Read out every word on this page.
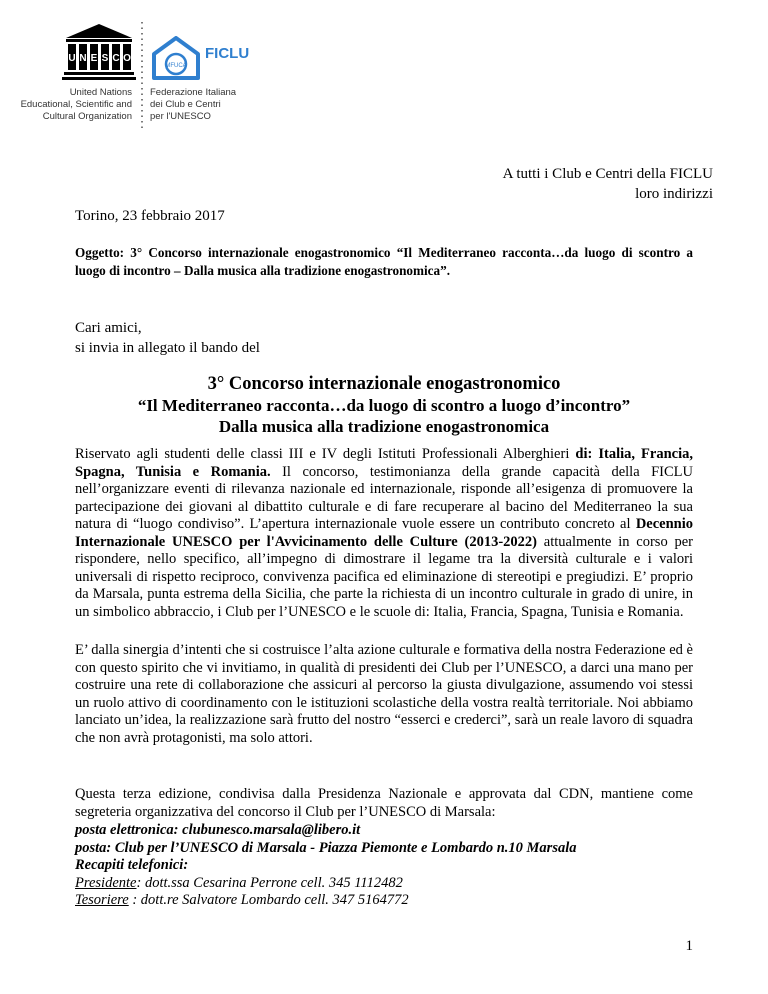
U N E S C O
United Nations
Educational, Scientific and
Cultural Organization
MFUCA
FICLU
Federazione Italiana
dei Club e Centri
per l'UNESCO
A tutti i Club e Centri della FICLU
loro indirizzi
Torino, 23 febbraio 2017
Oggetto: 3° Concorso internazionale enogastronomico “Il Mediterraneo racconta…da luogo di scontro a luogo di incontro – Dalla musica alla tradizione enogastronomica”.
Cari amici,
si invia in allegato il bando del
3° Concorso internazionale enogastronomico
“Il Mediterraneo racconta…da luogo di scontro a luogo d’incontro”
Dalla musica alla tradizione enogastronomica

Riservato agli studenti delle classi III e IV degli Istituti Professionali Alberghieri di: Italia, Francia, Spagna, Tunisia e Romania. Il concorso, testimonianza della grande capacità della FICLU nell’organizzare eventi di rilevanza nazionale ed internazionale, risponde all’esigenza di promuovere la partecipazione dei giovani al dibattito culturale e di fare recuperare al bacino del Mediterraneo la sua natura di “luogo condiviso”. L’apertura internazionale vuole essere un contributo concreto al Decennio Internazionale UNESCO per l'Avvicinamento delle Culture (2013-2022) attualmente in corso per rispondere, nello specifico, all’impegno di dimostrare il legame tra la diversità culturale e i valori universali di rispetto reciproco, convivenza pacifica ed eliminazione di stereotipi e pregiudizi. E’ proprio da Marsala, punta estrema della Sicilia, che parte la richiesta di un incontro culturale in grado di unire, in un simbolico abbraccio, i Club per l’UNESCO e le scuole di: Italia, Francia, Spagna, Tunisia e Romania.

E’ dalla sinergia d’intenti che si costruisce l’alta azione culturale e formativa della nostra Federazione ed è con questo spirito che vi invitiamo, in qualità di presidenti dei Club per l’UNESCO, a darci una mano per costruire una rete di collaborazione che assicuri al percorso la giusta divulgazione, assumendo voi stessi un ruolo attivo di coordinamento con le istituzioni scolastiche della vostra realtà territoriale. Noi abbiamo lanciato un’idea, la realizzazione sarà frutto del nostro “esserci e crederci”, sarà un reale lavoro di squadra che non avrà protagonisti, ma solo attori.

Questa terza edizione, condivisa dalla Presidenza Nazionale e approvata dal CDN, mantiene come segreteria organizzativa del concorso il Club per l’UNESCO di Marsala:

posta elettronica: clubunesco.marsala@libero.it
posta: Club per l’UNESCO di Marsala - Piazza Piemonte e Lombardo n.10 Marsala
Recapiti telefonici:
Presidente: dott.ssa Cesarina Perrone cell. 345 1112482
Tesoriere : dott.re Salvatore Lombardo cell. 347 5164772
1
